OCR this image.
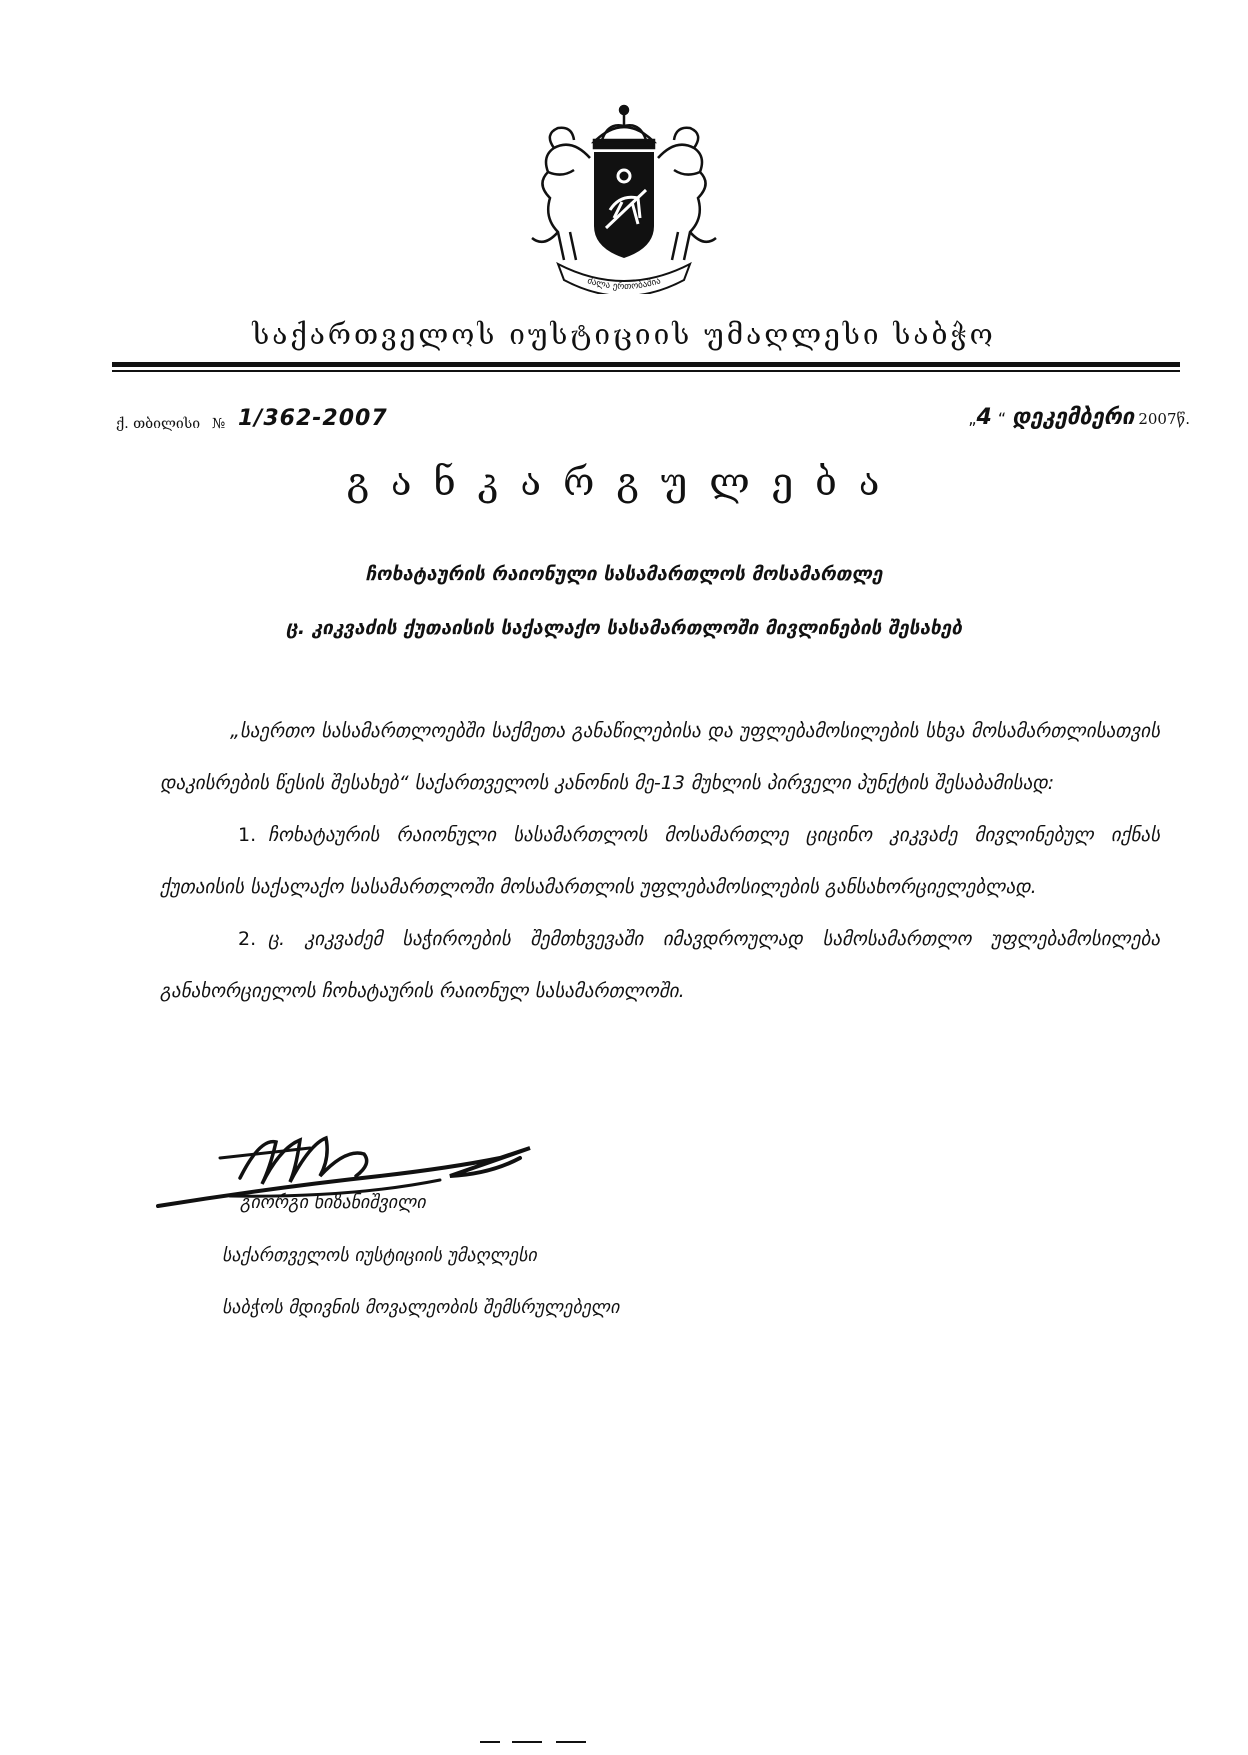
ძალა ერთობაშია
საქართველოს იუსტიციის უმაღლესი საბჭო
ქ. თბილისი № 1/362-2007	„4 “ დეკემბერი 2007წ.
განკარგულება
ჩოხატაურის რაიონული სასამართლოს მოსამართლე
ც. კიკვაძის ქუთაისის საქალაქო სასამართლოში მივლინების შესახებ

„საერთო სასამართლოებში საქმეთა განაწილებისა და უფლებამოსილების სხვა მოსამართლისათვის დაკისრების წესის შესახებ“ საქართველოს კანონის მე-13 მუხლის პირველი პუნქტის შესაბამისად:

1. ჩოხატაურის რაიონული სასამართლოს მოსამართლე ციცინო კიკვაძე მივლინებულ იქნას ქუთაისის საქალაქო სასამართლოში მოსამართლის უფლებამოსილების განსახორციელებლად.

2. ც. კიკვაძემ საჭიროების შემთხვევაში იმავდროულად სამოსამართლო უფლებამოსილება განახორციელოს ჩოხატაურის რაიონულ სასამართლოში.

გიორგი ხიზანიშვილი
საქართველოს იუსტიციის უმაღლესი
საბჭოს მდივნის მოვალეობის შემსრულებელი
